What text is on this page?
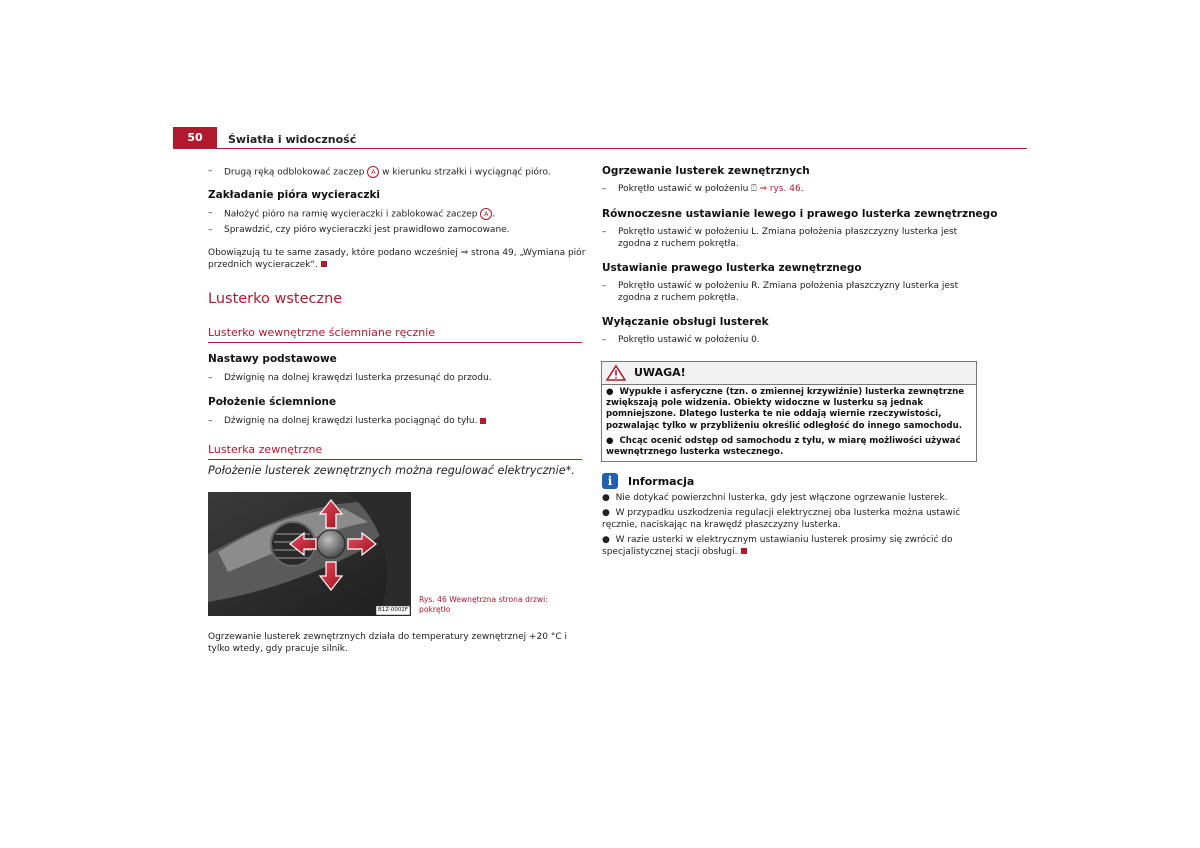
50	Światła i widoczność
– Drugą ręką odblokować zaczep A w kierunku strzałki i wyciągnąć pióro.
Zakładanie pióra wycieraczki
– Nałożyć pióro na ramię wycieraczki i zablokować zaczep A .
– Sprawdzić, czy pióro wycieraczki jest prawidłowo zamocowane.
Obowiązują tu te same zasady, które podano wcześniej ⇒ strona 49, „Wymiana piór przednich wycieraczek“.
Lusterko wsteczne
Lusterko wewnętrzne ściemniane ręcznie
Nastawy podstawowe
– Dźwignię na dolnej krawędzi lusterka przesunąć do przodu.
Położenie ściemnione
– Dźwignię na dolnej krawędzi lusterka pociągnąć do tyłu.
Lusterka zewnętrzne
Położenie lusterek zewnętrznych można regulować elektrycznie*.
B1Z-0002F
Rys. 46 Wewnętrzna strona drzwi:
pokrętło
Ogrzewanie lusterek zewnętrznych działa do temperatury zewnętrznej +20 °C i tylko wtedy, gdy pracuje silnik.
Ogrzewanie lusterek zewnętrznych
– Pokrętło ustawić w położeniu ⍞ ⇒ rys. 46.
Równoczesne ustawianie lewego i prawego lusterka zewnętrznego
– Pokrętło ustawić w położeniu L. Zmiana położenia płaszczyzny lusterka jest zgodna z ruchem pokrętła.
Ustawianie prawego lusterka zewnętrznego
– Pokrętło ustawić w położeniu R. Zmiana położenia płaszczyzny lusterka jest zgodna z ruchem pokrętła.
Wyłączanie obsługi lusterek
– Pokrętło ustawić w położeniu 0.
UWAGA!
●  Wypukłe i asferyczne (tzn. o zmiennej krzywiźnie) lusterka zewnętrzne zwiększają pole widzenia. Obiekty widoczne w lusterku są jednak pomniejszone. Dlatego lusterka te nie oddają wiernie rzeczywistości, pozwalając tylko w przybliżeniu określić odległość do innego samochodu.
●  Chcąc ocenić odstęp od samochodu z tyłu, w miarę możliwości używać wewnętrznego lusterka wstecznego.
i	Informacja
●  Nie dotykać powierzchni lusterka, gdy jest włączone ogrzewanie lusterek.
●  W przypadku uszkodzenia regulacji elektrycznej oba lusterka można ustawić ręcznie, naciskając na krawędź płaszczyzny lusterka.
●  W razie usterki w elektrycznym ustawianiu lusterek prosimy się zwrócić do specjalistycznej stacji obsługi.
